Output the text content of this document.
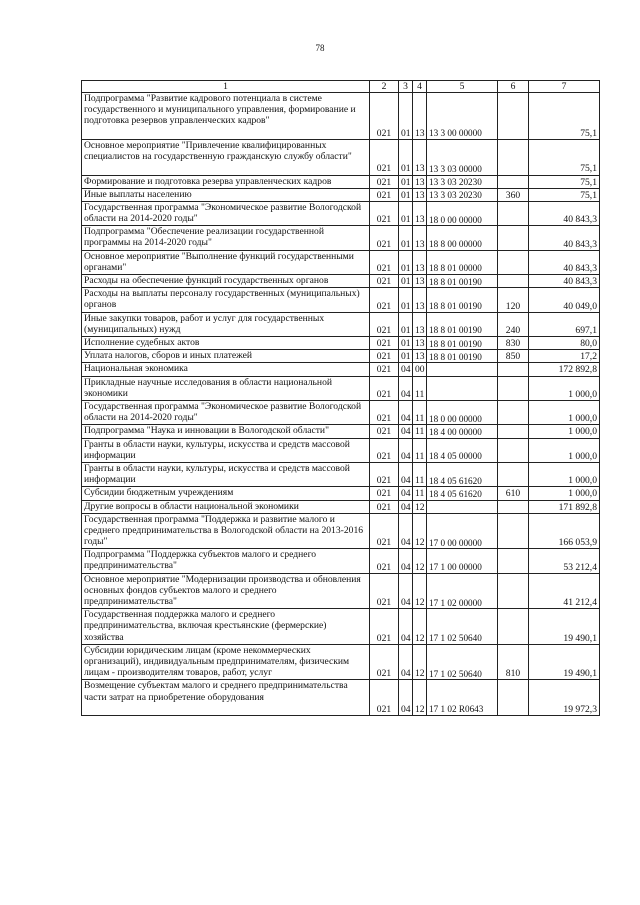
78
1	2	3	4	5	6	7
Подпрограмма "Развитие кадрового потенциала в системе государственного и муниципального управления, формирование и подготовка резервов управленческих кадров"	021	01	13	13 3 00 00000		75,1
Основное мероприятие "Привлечение квалифицированных специалистов на государственную гражданскую службу области"	021	01	13	13 3 03 00000		75,1
Формирование и подготовка резерва управленческих кадров	021	01	13	13 3 03 20230		75,1
Иные выплаты населению	021	01	13	13 3 03 20230	360	75,1
Государственная программа "Экономическое развитие Вологодской области на 2014-2020 годы"	021	01	13	18 0 00 00000		40 843,3
Подпрограмма "Обеспечение реализации государственной программы на 2014-2020 годы"	021	01	13	18 8 00 00000		40 843,3
Основное мероприятие "Выполнение функций государственными органами"	021	01	13	18 8 01 00000		40 843,3
Расходы на обеспечение функций государственных органов	021	01	13	18 8 01 00190		40 843,3
Расходы на выплаты персоналу государственных (муниципальных) органов	021	01	13	18 8 01 00190	120	40 049,0
Иные закупки товаров, работ и услуг для государственных (муниципальных) нужд	021	01	13	18 8 01 00190	240	697,1
Исполнение судебных актов	021	01	13	18 8 01 00190	830	80,0
Уплата налогов, сборов и иных платежей	021	01	13	18 8 01 00190	850	17,2
Национальная экономика	021	04	00			172 892,8
Прикладные научные исследования в области национальной экономики	021	04	11			1 000,0
Государственная программа "Экономическое развитие Вологодской области на 2014-2020 годы"	021	04	11	18 0 00 00000		1 000,0
Подпрограмма "Наука и инновации в Вологодской области"	021	04	11	18 4 00 00000		1 000,0
Гранты в области науки, культуры, искусства и средств массовой информации	021	04	11	18 4 05 00000		1 000,0
Гранты в области науки, культуры, искусства и средств массовой информации	021	04	11	18 4 05 61620		1 000,0
Субсидии бюджетным учреждениям	021	04	11	18 4 05 61620	610	1 000,0
Другие вопросы в области национальной экономики	021	04	12			171 892,8
Государственная программа "Поддержка и развитие малого и среднего предпринимательства в Вологодской области на 2013-2016 годы"	021	04	12	17 0 00 00000		166 053,9
Подпрограмма "Поддержка субъектов малого и среднего предпринимательства"	021	04	12	17 1 00 00000		53 212,4
Основное мероприятие "Модернизации производства и обновления основных фондов субъектов малого и среднего предпринимательства"	021	04	12	17 1 02 00000		41 212,4
Государственная поддержка малого и среднего предпринимательства, включая крестьянские (фермерские) хозяйства	021	04	12	17 1 02 50640		19 490,1
Субсидии юридическим лицам (кроме некоммерческих организаций), индивидуальным предпринимателям, физическим лицам - производителям товаров, работ, услуг	021	04	12	17 1 02 50640	810	19 490,1
Возмещение субъектам малого и среднего предпринимательства части затрат на приобретение оборудования	021	04	12	17 1 02 R0643		19 972,3
